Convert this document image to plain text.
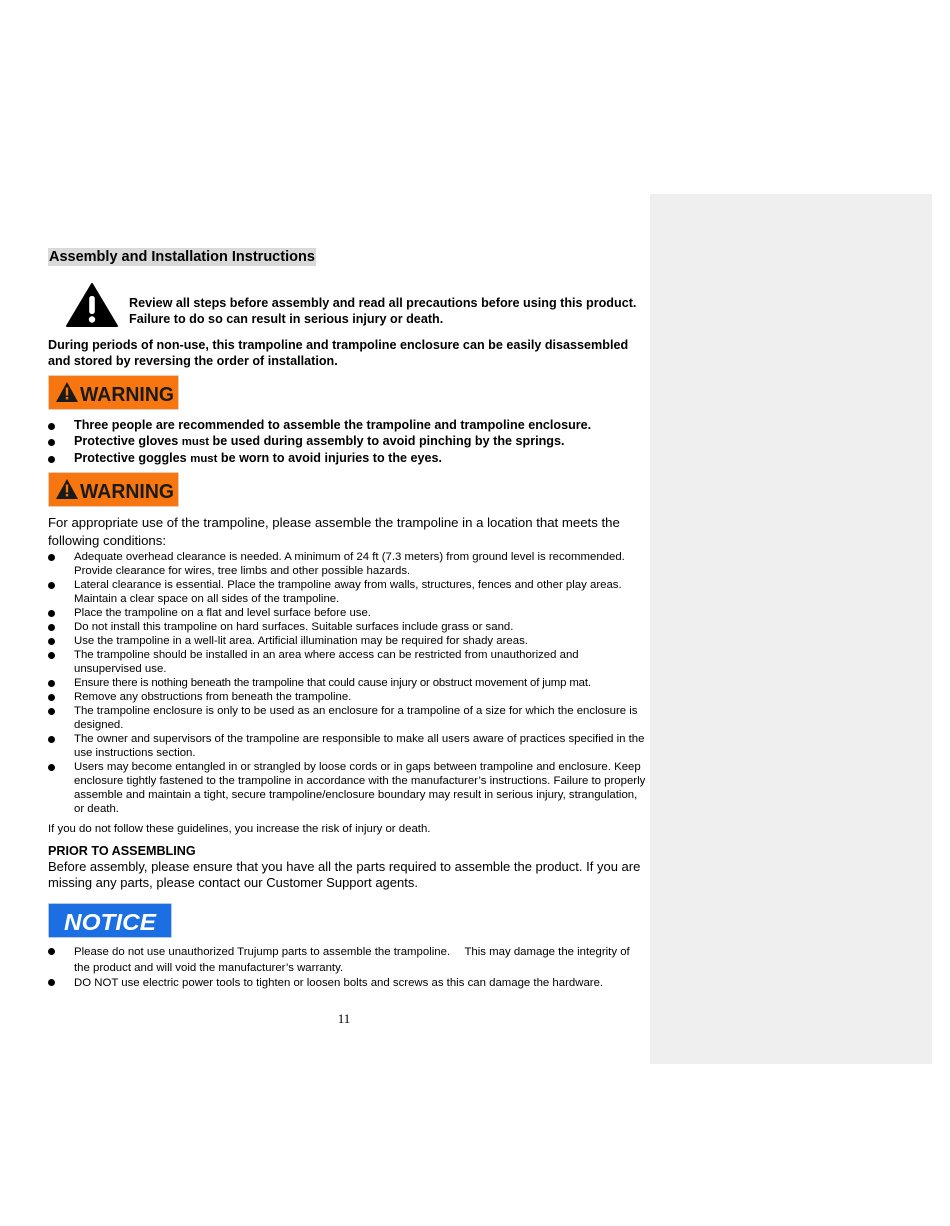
Assembly and Installation Instructions
Review all steps before assembly and read all precautions before using this product. Failure to do so can result in serious injury or death.
During periods of non-use, this trampoline and trampoline enclosure can be easily disassembled and stored by reversing the order of installation.
WARNING
Three people are recommended to assemble the trampoline and trampoline enclosure.
Protective gloves must be used during assembly to avoid pinching by the springs.
Protective goggles must be worn to avoid injuries to the eyes.
WARNING
For appropriate use of the trampoline, please assemble the trampoline in a location that meets the following conditions:
Adequate overhead clearance is needed. A minimum of 24 ft (7.3 meters) from ground level is recommended. Provide clearance for wires, tree limbs and other possible hazards.
Lateral clearance is essential. Place the trampoline away from walls, structures, fences and other play areas. Maintain a clear space on all sides of the trampoline.
Place the trampoline on a flat and level surface before use.
Do not install this trampoline on hard surfaces. Suitable surfaces include grass or sand.
Use the trampoline in a well-lit area. Artificial illumination may be required for shady areas.
The trampoline should be installed in an area where access can be restricted from unauthorized and unsupervised use.
Ensure there is nothing beneath the trampoline that could cause injury or obstruct movement of jump mat.
Remove any obstructions from beneath the trampoline.
The trampoline enclosure is only to be used as an enclosure for a trampoline of a size for which the enclosure is designed.
The owner and supervisors of the trampoline are responsible to make all users aware of practices specified in the use instructions section.
Users may become entangled in or strangled by loose cords or in gaps between trampoline and enclosure. Keep enclosure tightly fastened to the trampoline in accordance with the manufacturer’s instructions. Failure to properly assemble and maintain a tight, secure trampoline/enclosure boundary may result in serious injury, strangulation, or death.
If you do not follow these guidelines, you increase the risk of injury or death.
PRIOR TO ASSEMBLING
Before assembly, please ensure that you have all the parts required to assemble the product. If you are missing any parts, please contact our Customer Support agents.
NOTICE
Please do not use unauthorized Trujump parts to assemble the trampoline.  This may damage the integrity of the product and will void the manufacturer’s warranty.
DO NOT use electric power tools to tighten or loosen bolts and screws as this can damage the hardware.
11
